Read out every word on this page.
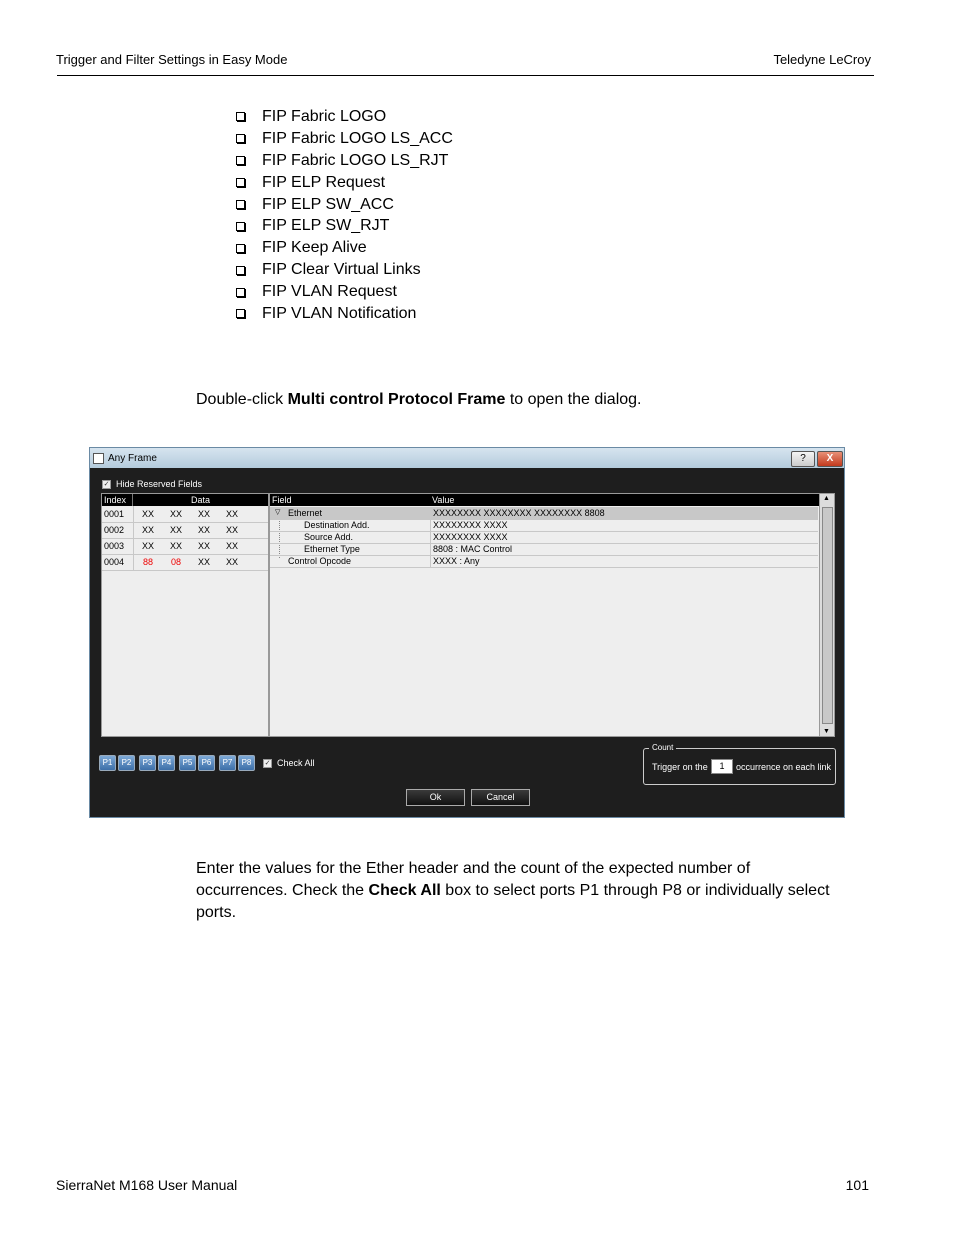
Trigger and Filter Settings in Easy Mode	Teledyne LeCroy
FIP Fabric LOGO
FIP Fabric LOGO LS_ACC
FIP Fabric LOGO LS_RJT
FIP ELP Request
FIP ELP SW_ACC
FIP ELP SW_RJT
FIP Keep Alive
FIP Clear Virtual Links
FIP VLAN Request
FIP VLAN Notification
Double-click Multi control Protocol Frame to open the dialog.
Any Frame	?	X
✓ Hide Reserved Fields
Index	Data
0001	XX	XX	XX	XX
0002	XX	XX	XX	XX
0003	XX	XX	XX	XX
0004	88	08	XX	XX
Field	Value
▽ Ethernet	XXXXXXXX XXXXXXXX XXXXXXXX 8808
Destination Add.	XXXXXXXX XXXX
Source Add.	XXXXXXXX XXXX
Ethernet Type	8808 : MAC Control
Control Opcode	XXXX : Any
▲
▼
P1	P2	P3	P4	P5	P6	P7	P8	✓ Check All
Count
Trigger on the	1	occurrence on each link
Ok	Cancel
Enter the values for the Ether header and the count of the expected number of
occurrences. Check the Check All box to select ports P1 through P8 or individually select
ports.
SierraNet M168 User Manual	101
